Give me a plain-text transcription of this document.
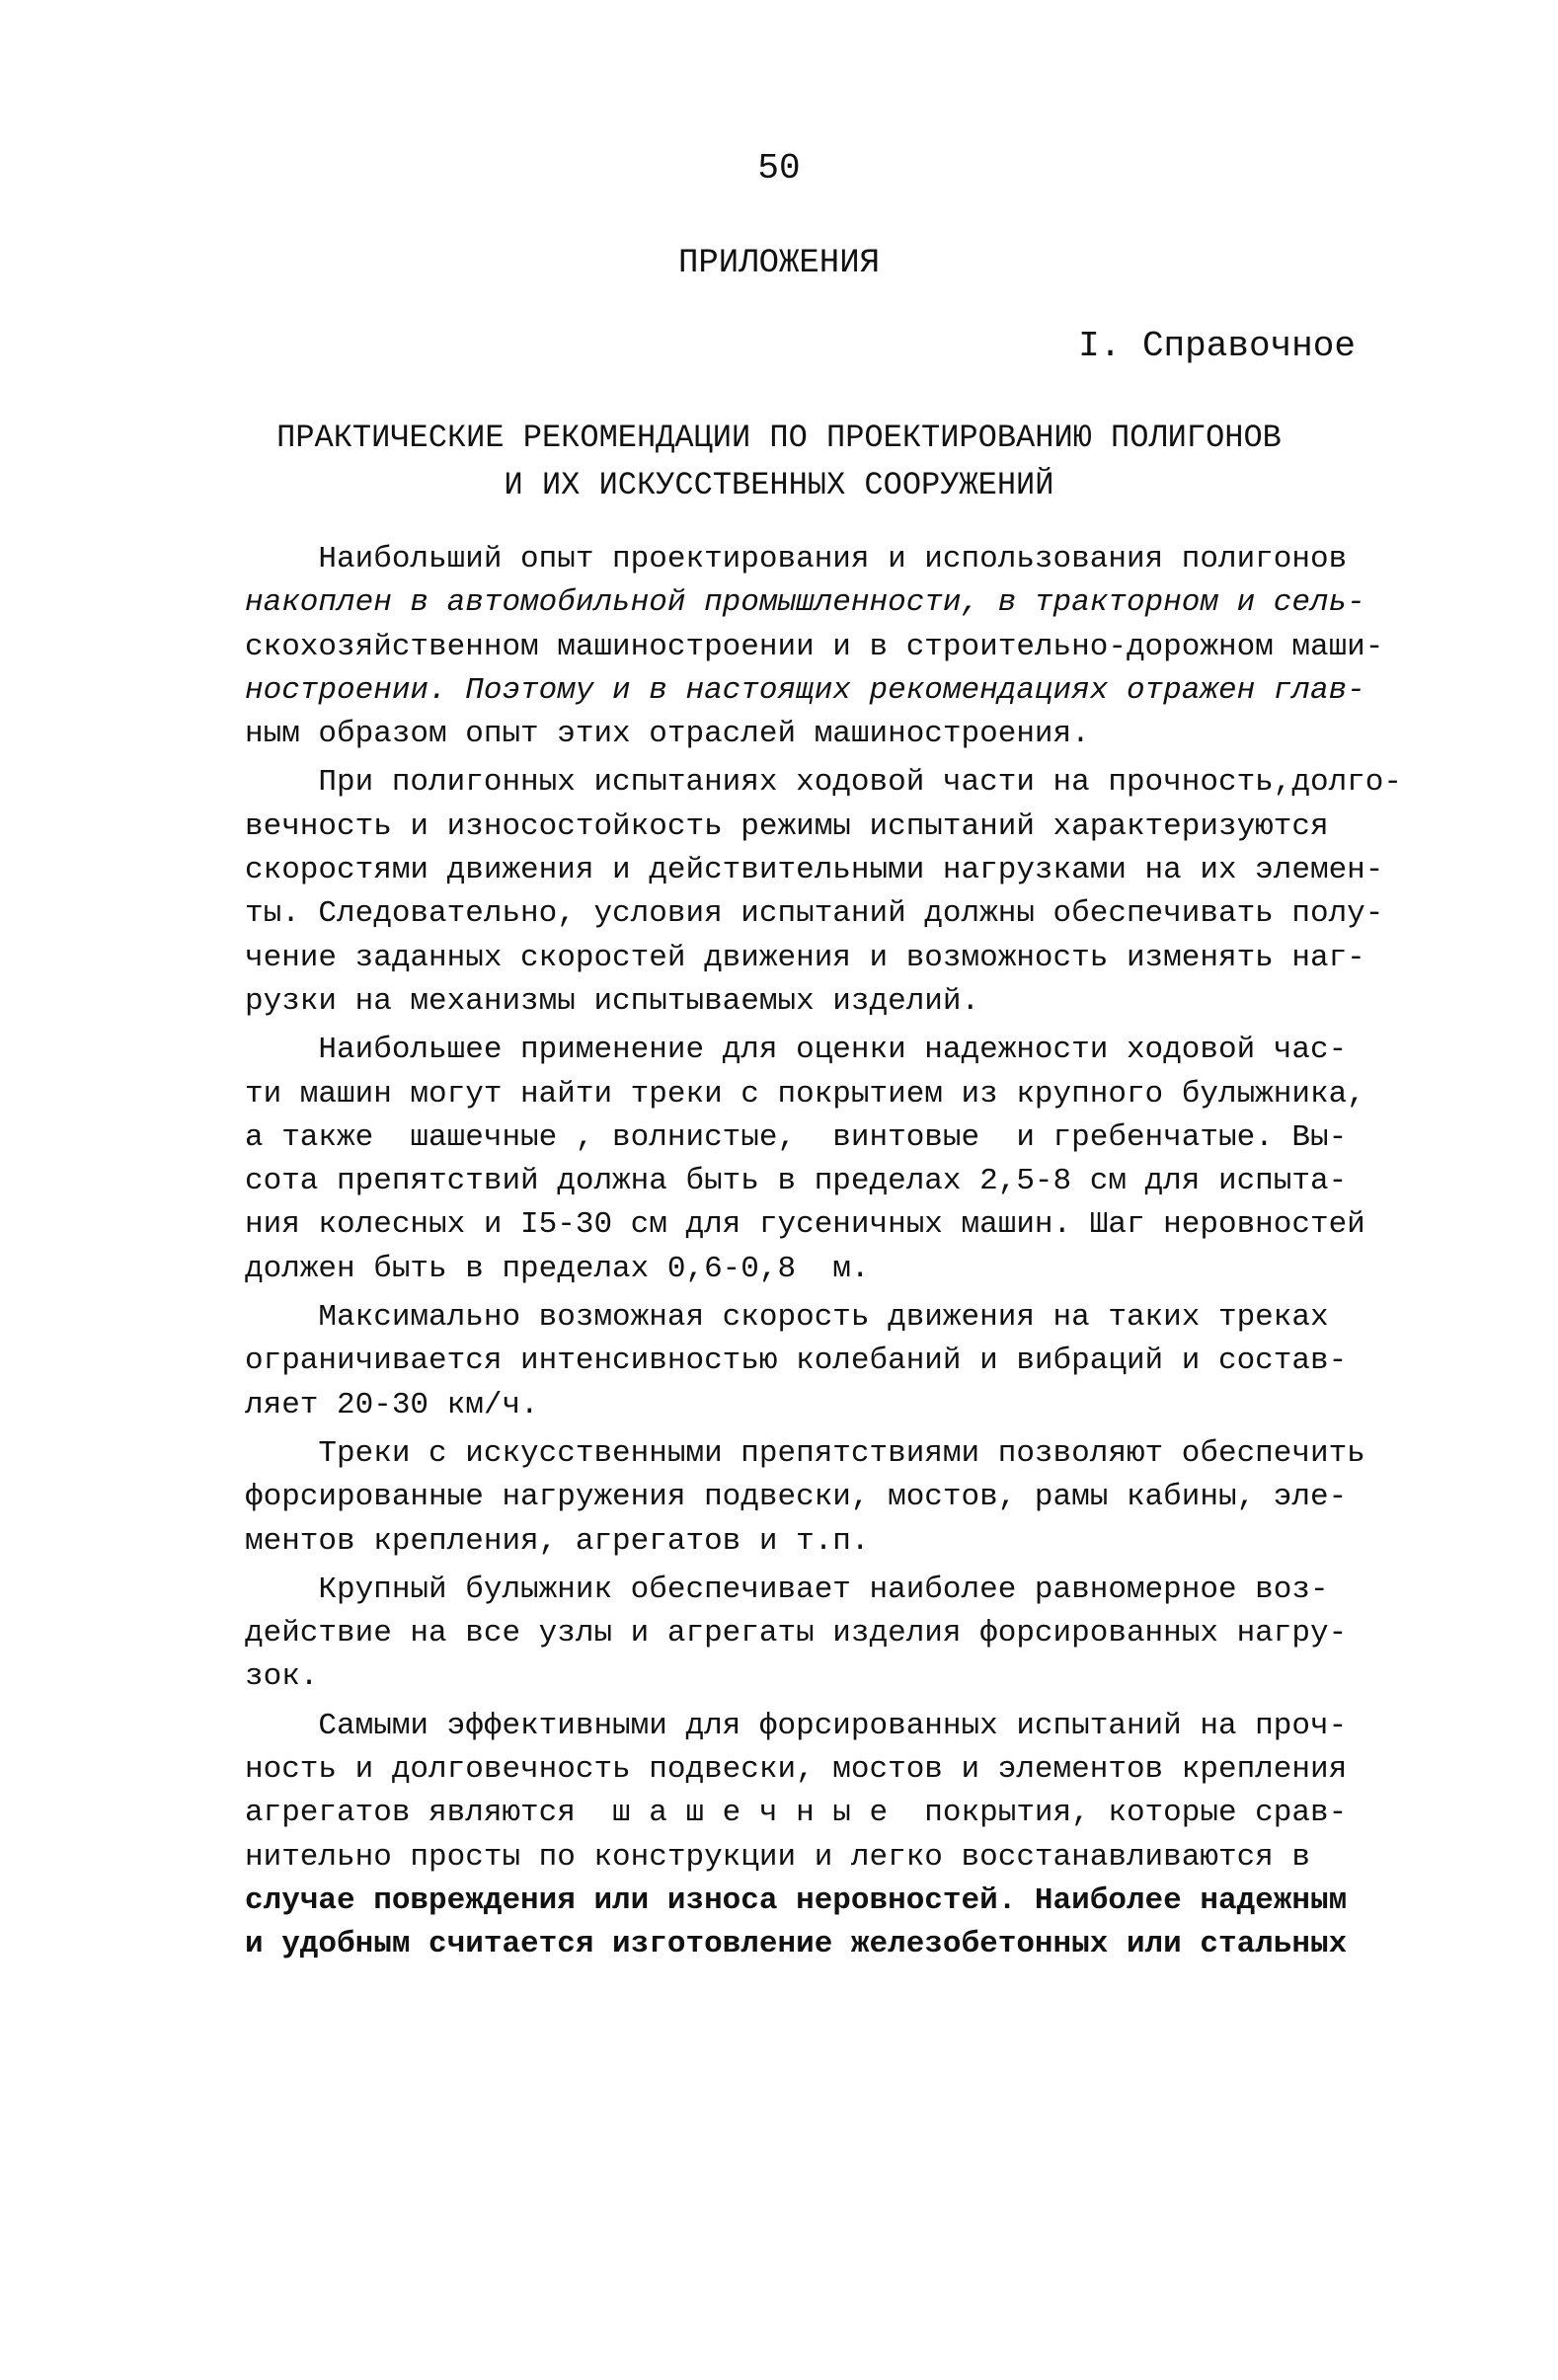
50
ПРИЛОЖЕНИЯ
I. Справочное
ПРАКТИЧЕСКИЕ РЕКОМЕНДАЦИИ ПО ПРОЕКТИРОВАНИЮ ПОЛИГОНОВ
И ИХ ИСКУССТВЕННЫХ СООРУЖЕНИЙ
Наибольший опыт проектирования и использования полигонов
накоплен в автомобильной промышленности, в тракторном и сель-
скохозяйственном машиностроении и в строительно-дорожном маши-
ностроении. Поэтому и в настоящих рекомендациях отражен глав-
ным образом опыт этих отраслей машиностроения.
При полигонных испытаниях ходовой части на прочность,долго-
вечность и износостойкость режимы испытаний характеризуются
скоростями движения и действительными нагрузками на их элемен-
ты. Следовательно, условия испытаний должны обеспечивать полу-
чение заданных скоростей движения и возможность изменять наг-
рузки на механизмы испытываемых изделий.
Наибольшее применение для оценки надежности ходовой час-
ти машин могут найти треки с покрытием из крупного булыжника,
а также  шашечные , волнистые,  винтовые  и гребенчатые. Вы-
сота препятствий должна быть в пределах 2,5-8 см для испыта-
ния колесных и I5-30 см для гусеничных машин. Шаг неровностей
должен быть в пределах 0,6-0,8  м.
Максимально возможная скорость движения на таких треках
ограничивается интенсивностью колебаний и вибраций и состав-
ляет 20-30 км/ч.
Треки с искусственными препятствиями позволяют обеспечить
форсированные нагружения подвески, мостов, рамы кабины, эле-
ментов крепления, агрегатов и т.п.
Крупный булыжник обеспечивает наиболее равномерное воз-
действие на все узлы и агрегаты изделия форсированных нагру-
зок.
Самыми эффективными для форсированных испытаний на проч-
ность и долговечность подвески, мостов и элементов крепления
агрегатов являются  ш а ш е ч н ы е  покрытия, которые срав-
нительно просты по конструкции и легко восстанавливаются в
случае повреждения или износа неровностей. Наиболее надежным
и удобным считается изготовление железобетонных или стальных
